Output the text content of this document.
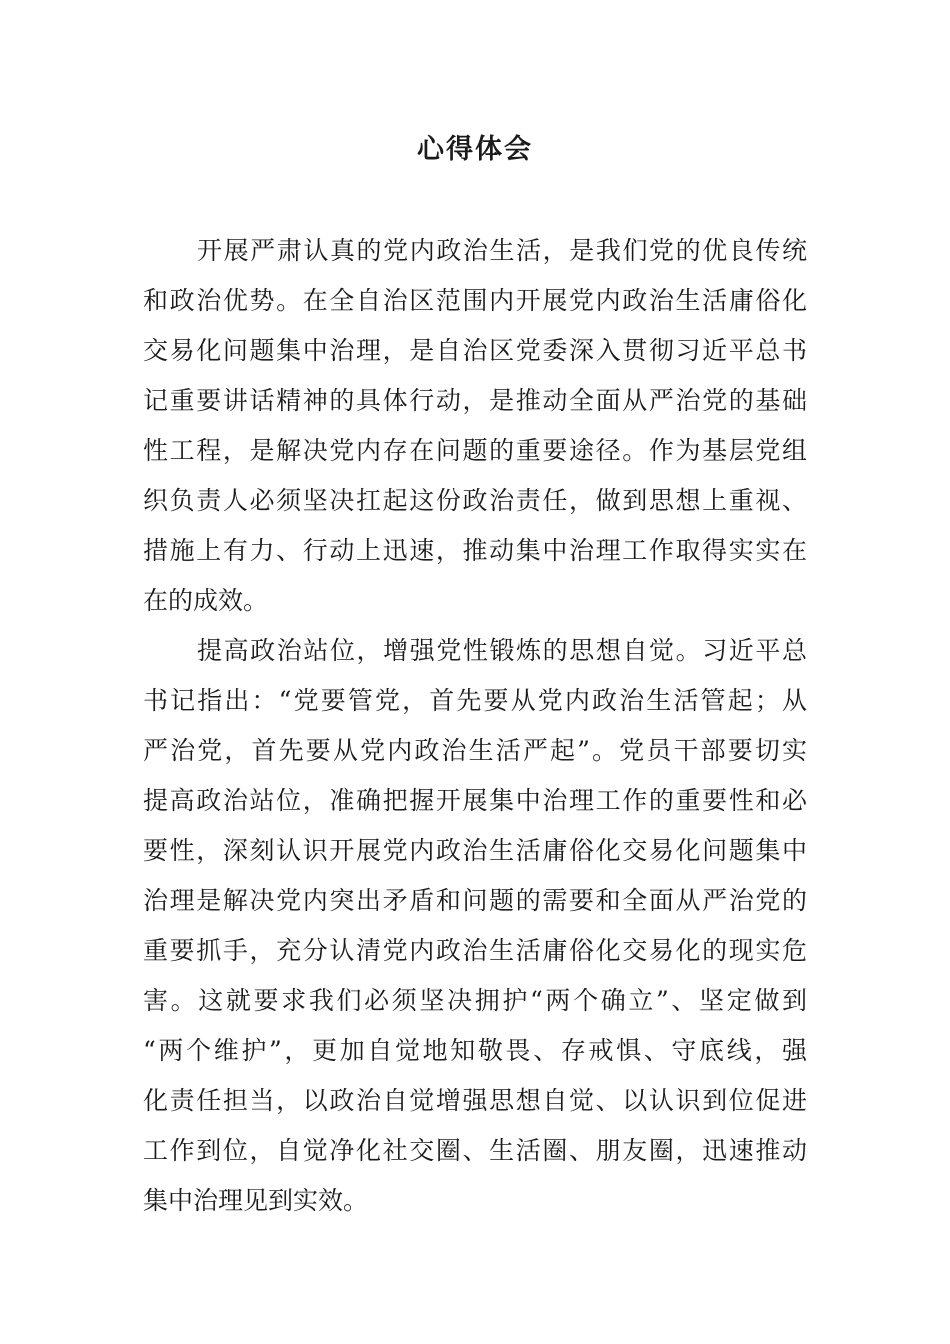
心得体会
开展严肃认真的党内政治生活，是我们党的优良传统
和政治优势。在全自治区范围内开展党内政治生活庸俗化
交易化问题集中治理，是自治区党委深入贯彻习近平总书
记重要讲话精神的具体行动，是推动全面从严治党的基础
性工程，是解决党内存在问题的重要途径。作为基层党组
织负责人必须坚决扛起这份政治责任，做到思想上重视、
措施上有力、行动上迅速，推动集中治理工作取得实实在
在的成效。
提高政治站位，增强党性锻炼的思想自觉。习近平总
书记指出：“党要管党，首先要从党内政治生活管起；从
严治党，首先要从党内政治生活严起”。党员干部要切实
提高政治站位，准确把握开展集中治理工作的重要性和必
要性，深刻认识开展党内政治生活庸俗化交易化问题集中
治理是解决党内突出矛盾和问题的需要和全面从严治党的
重要抓手，充分认清党内政治生活庸俗化交易化的现实危
害。这就要求我们必须坚决拥护“两个确立”、坚定做到
“两个维护”，更加自觉地知敬畏、存戒惧、守底线，强
化责任担当，以政治自觉增强思想自觉、以认识到位促进
工作到位，自觉净化社交圈、生活圈、朋友圈，迅速推动
集中治理见到实效。
